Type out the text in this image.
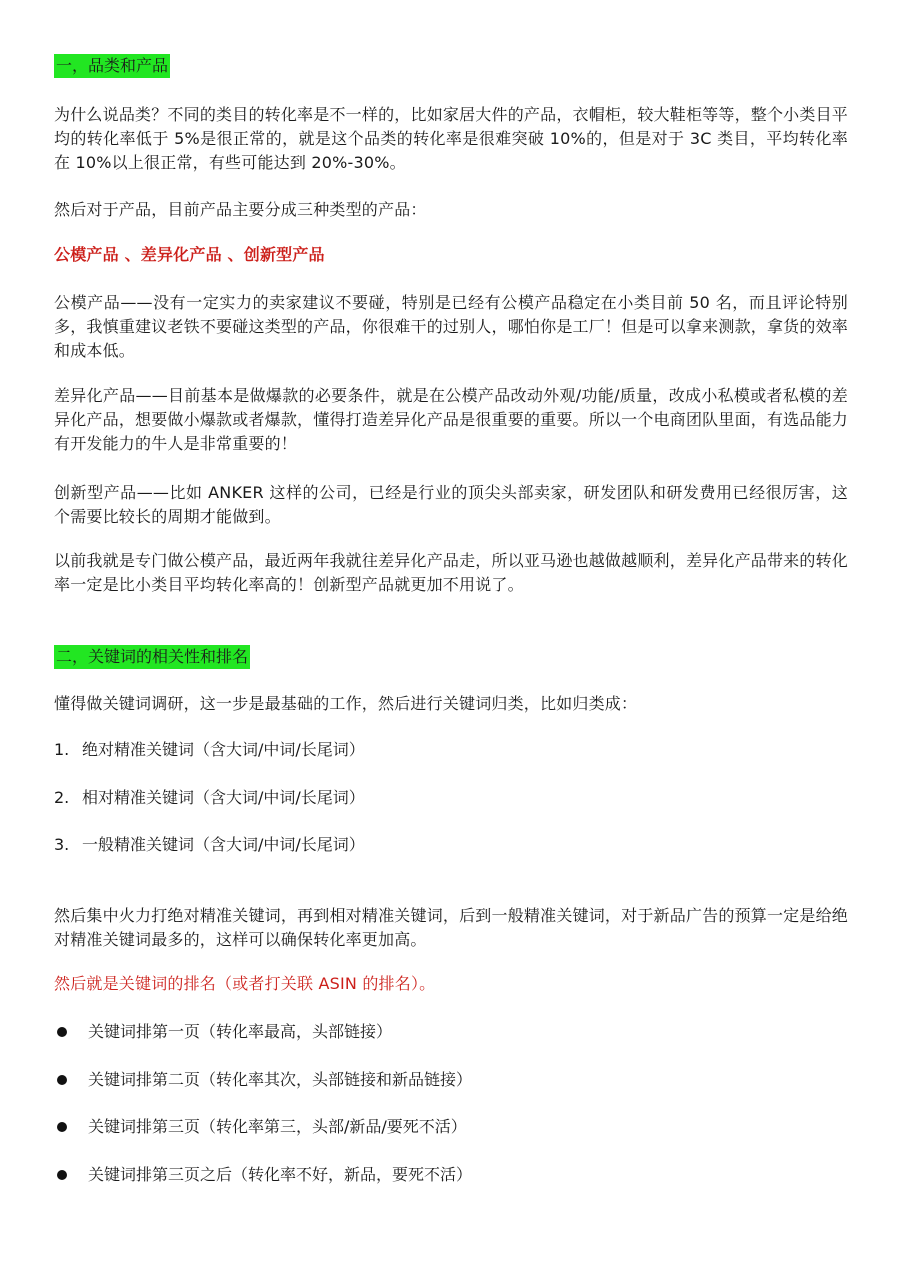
一，品类和产品

为什么说品类？不同的类目的转化率是不一样的，比如家居大件的产品，衣帽柜，较大鞋柜等等，整个小类目平均的转化率低于 5%是很正常的，就是这个品类的转化率是很难突破 10%的，但是对于 3C 类目，平均转化率在 10%以上很正常，有些可能达到 20%-30%。

然后对于产品，目前产品主要分成三种类型的产品：

公模产品 、差异化产品 、创新型产品

公模产品——没有一定实力的卖家建议不要碰，特别是已经有公模产品稳定在小类目前 50 名，而且评论特别多，我慎重建议老铁不要碰这类型的产品，你很难干的过别人，哪怕你是工厂！但是可以拿来测款，拿货的效率和成本低。

差异化产品——目前基本是做爆款的必要条件，就是在公模产品改动外观/功能/质量，改成小私模或者私模的差异化产品，想要做小爆款或者爆款，懂得打造差异化产品是很重要的重要。所以一个电商团队里面，有选品能力有开发能力的牛人是非常重要的！

创新型产品——比如 ANKER 这样的公司，已经是行业的顶尖头部卖家，研发团队和研发费用已经很厉害，这个需要比较长的周期才能做到。

以前我就是专门做公模产品，最近两年我就往差异化产品走，所以亚马逊也越做越顺利，差异化产品带来的转化率一定是比小类目平均转化率高的！创新型产品就更加不用说了。

二，关键词的相关性和排名

懂得做关键词调研，这一步是最基础的工作，然后进行关键词归类，比如归类成：

1. 绝对精准关键词（含大词/中词/长尾词）
2. 相对精准关键词（含大词/中词/长尾词）
3. 一般精准关键词（含大词/中词/长尾词）

然后集中火力打绝对精准关键词，再到相对精准关键词，后到一般精准关键词，对于新品广告的预算一定是给绝对精准关键词最多的，这样可以确保转化率更加高。

然后就是关键词的排名（或者打关联 ASIN 的排名）。

关键词排第一页（转化率最高，头部链接）
关键词排第二页（转化率其次，头部链接和新品链接）
关键词排第三页（转化率第三，头部/新品/要死不活）
关键词排第三页之后（转化率不好，新品，要死不活）
